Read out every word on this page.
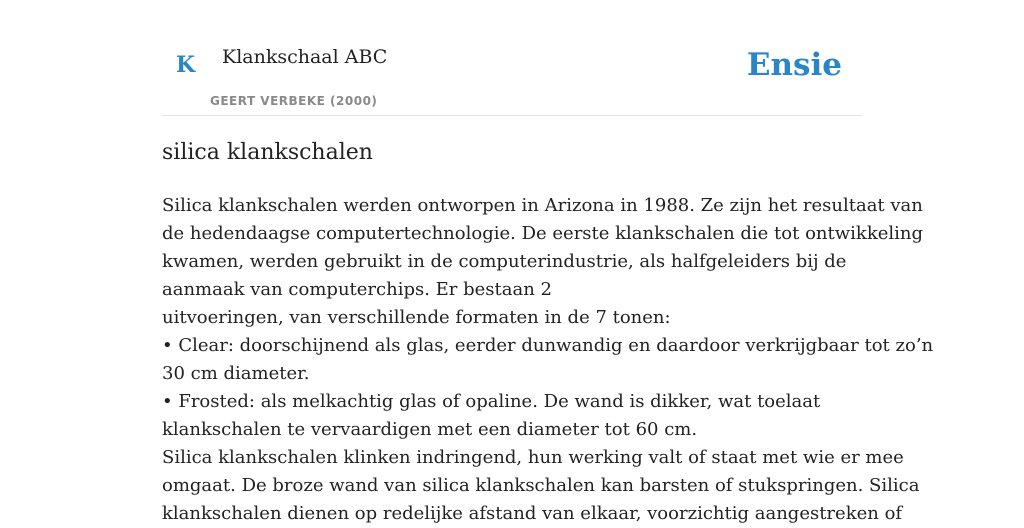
K Klankschaal ABC
GEERT VERBEKE (2000)
Ensie
silica klankschalen

Silica klankschalen werden ontworpen in Arizona in 1988. Ze zijn het resultaat van

de hedendaagse computertechnologie. De eerste klankschalen die tot ontwikkeling

kwamen, werden gebruikt in de computerindustrie, als halfgeleiders bij de

aanmaak van computerchips. Er bestaan 2

uitvoeringen, van verschillende formaten in de 7 tonen:

• Clear: doorschijnend als glas, eerder dunwandig en daardoor verkrijgbaar tot zo’n

30 cm diameter.

• Frosted: als melkachtig glas of opaline. De wand is dikker, wat toelaat

klankschalen te vervaardigen met een diameter tot 60 cm.

Silica klankschalen klinken indringend, hun werking valt of staat met wie er mee

omgaat. De broze wand van silica klankschalen kan barsten of stukspringen. Silica

klankschalen dienen op redelijke afstand van elkaar, voorzichtig aangestreken of
